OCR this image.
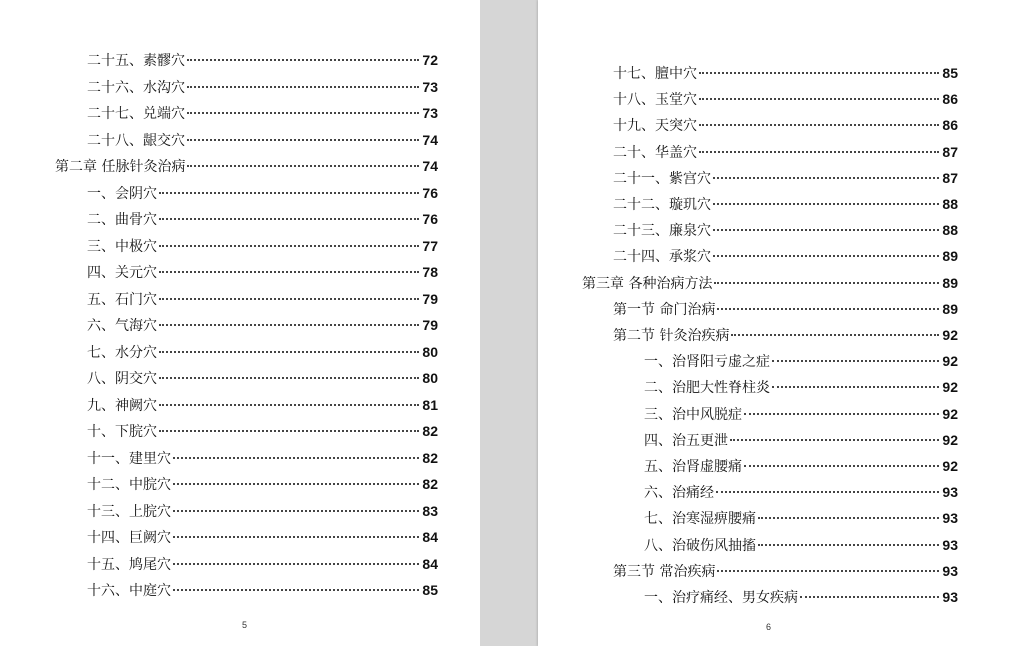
二十五、素髎穴	72
二十六、水沟穴	73
二十七、兑端穴	73
二十八、龈交穴	74
第二章 任脉针灸治病	74
一、会阴穴	76
二、曲骨穴	76
三、中极穴	77
四、关元穴	78
五、石门穴	79
六、气海穴	79
七、水分穴	80
八、阴交穴	80
九、神阙穴	81
十、下脘穴	82
十一、建里穴	82
十二、中脘穴	82
十三、上脘穴	83
十四、巨阙穴	84
十五、鸠尾穴	84
十六、中庭穴	85
5
十七、膻中穴	85
十八、玉堂穴	86
十九、天突穴	86
二十、华盖穴	87
二十一、紫宫穴	87
二十二、璇玑穴	88
二十三、廉泉穴	88
二十四、承浆穴	89
第三章 各种治病方法	89
第一节 命门治病	89
第二节 针灸治疾病	92
一、治肾阳亏虚之症	92
二、治肥大性脊柱炎	92
三、治中风脱症	92
四、治五更泄	92
五、治肾虚腰痛	92
六、治痛经	93
七、治寒湿痹腰痛	93
八、治破伤风抽搐	93
第三节 常治疾病	93
一、治疗痛经、男女疾病	93
6
